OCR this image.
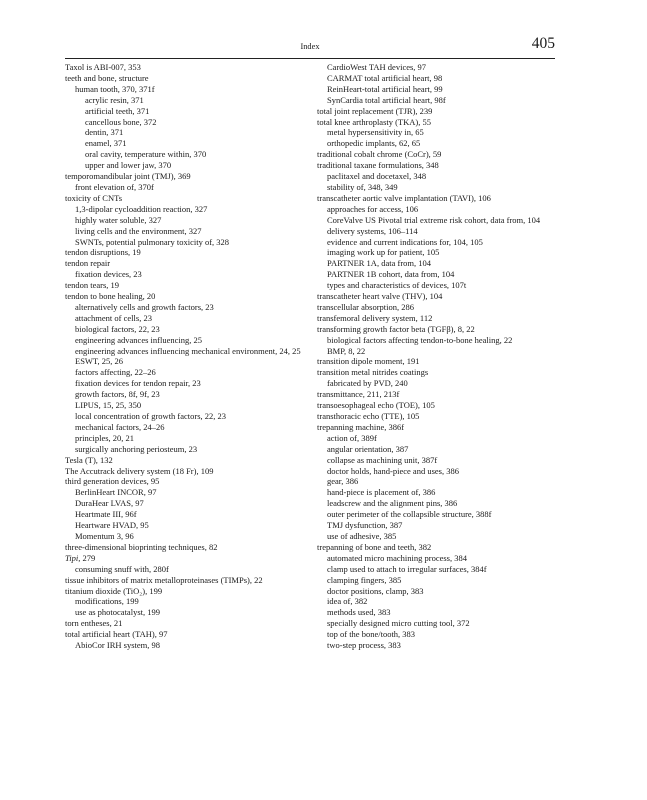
Index	405
Taxol is ABI-007, 353
teeth and bone, structure
human tooth, 370, 371f
acrylic resin, 371
artificial teeth, 371
cancellous bone, 372
dentin, 371
enamel, 371
oral cavity, temperature within, 370
upper and lower jaw, 370
temporomandibular joint (TMJ), 369
front elevation of, 370f
toxicity of CNTs
1,3-dipolar cycloaddition reaction, 327
highly water soluble, 327
living cells and the environment, 327
SWNTs, potential pulmonary toxicity of, 328
tendon disruptions, 19
tendon repair
fixation devices, 23
tendon tears, 19
tendon to bone healing, 20
alternatively cells and growth factors, 23
attachment of cells, 23
biological factors, 22, 23
engineering advances influencing, 25
engineering advances influencing mechanical environment, 24, 25
ESWT, 25, 26
factors affecting, 22–26
fixation devices for tendon repair, 23
growth factors, 8f, 9f, 23
LIPUS, 15, 25, 350
local concentration of growth factors, 22, 23
mechanical factors, 24–26
principles, 20, 21
surgically anchoring periosteum, 23
Tesla (T), 132
The Accutrack delivery system (18 Fr), 109
third generation devices, 95
BerlinHeart INCOR, 97
DuraHear LVAS, 97
Heartmate III, 96f
Heartware HVAD, 95
Momentum 3, 96
three-dimensional bioprinting techniques, 82
Tipi, 279
consuming snuff with, 280f
tissue inhibitors of matrix metalloproteinases (TIMPs), 22
titanium dioxide (TiO₂), 199
modifications, 199
use as photocatalyst, 199
torn entheses, 21
total artificial heart (TAH), 97
AbioCor IRH system, 98
CardioWest TAH devices, 97
CARMAT total artificial heart, 98
ReinHeart-total artificial heart, 99
SynCardia total artificial heart, 98f
total joint replacement (TJR), 239
total knee arthroplasty (TKA), 55
metal hypersensitivity in, 65
orthopedic implants, 62, 65
traditional cobalt chrome (CoCr), 59
traditional taxane formulations, 348
paclitaxel and docetaxel, 348
stability of, 348, 349
transcatheter aortic valve implantation (TAVI), 106
approaches for access, 106
CoreValve US Pivotal trial extreme risk cohort, data from, 104
delivery systems, 106–114
evidence and current indications for, 104, 105
imaging work up for patient, 105
PARTNER 1A, data from, 104
PARTNER 1B cohort, data from, 104
types and characteristics of devices, 107t
transcatheter heart valve (THV), 104
transcellular absorption, 286
transfemoral delivery system, 112
transforming growth factor beta (TGFβ), 8, 22
biological factors affecting tendon-to-bone healing, 22
BMP, 8, 22
transition dipole moment, 191
transition metal nitrides coatings
fabricated by PVD, 240
transmittance, 211, 213f
transoesophageal echo (TOE), 105
transthoracic echo (TTE), 105
trepanning machine, 386f
action of, 389f
angular orientation, 387
collapse as machining unit, 387f
doctor holds, hand-piece and uses, 386
gear, 386
hand-piece is placement of, 386
leadscrew and the alignment pins, 386
outer perimeter of the collapsible structure, 388f
TMJ dysfunction, 387
use of adhesive, 385
trepanning of bone and teeth, 382
automated micro machining process, 384
clamp used to attach to irregular surfaces, 384f
clamping fingers, 385
doctor positions, clamp, 383
idea of, 382
methods used, 383
specially designed micro cutting tool, 372
top of the bone/tooth, 383
two-step process, 383
